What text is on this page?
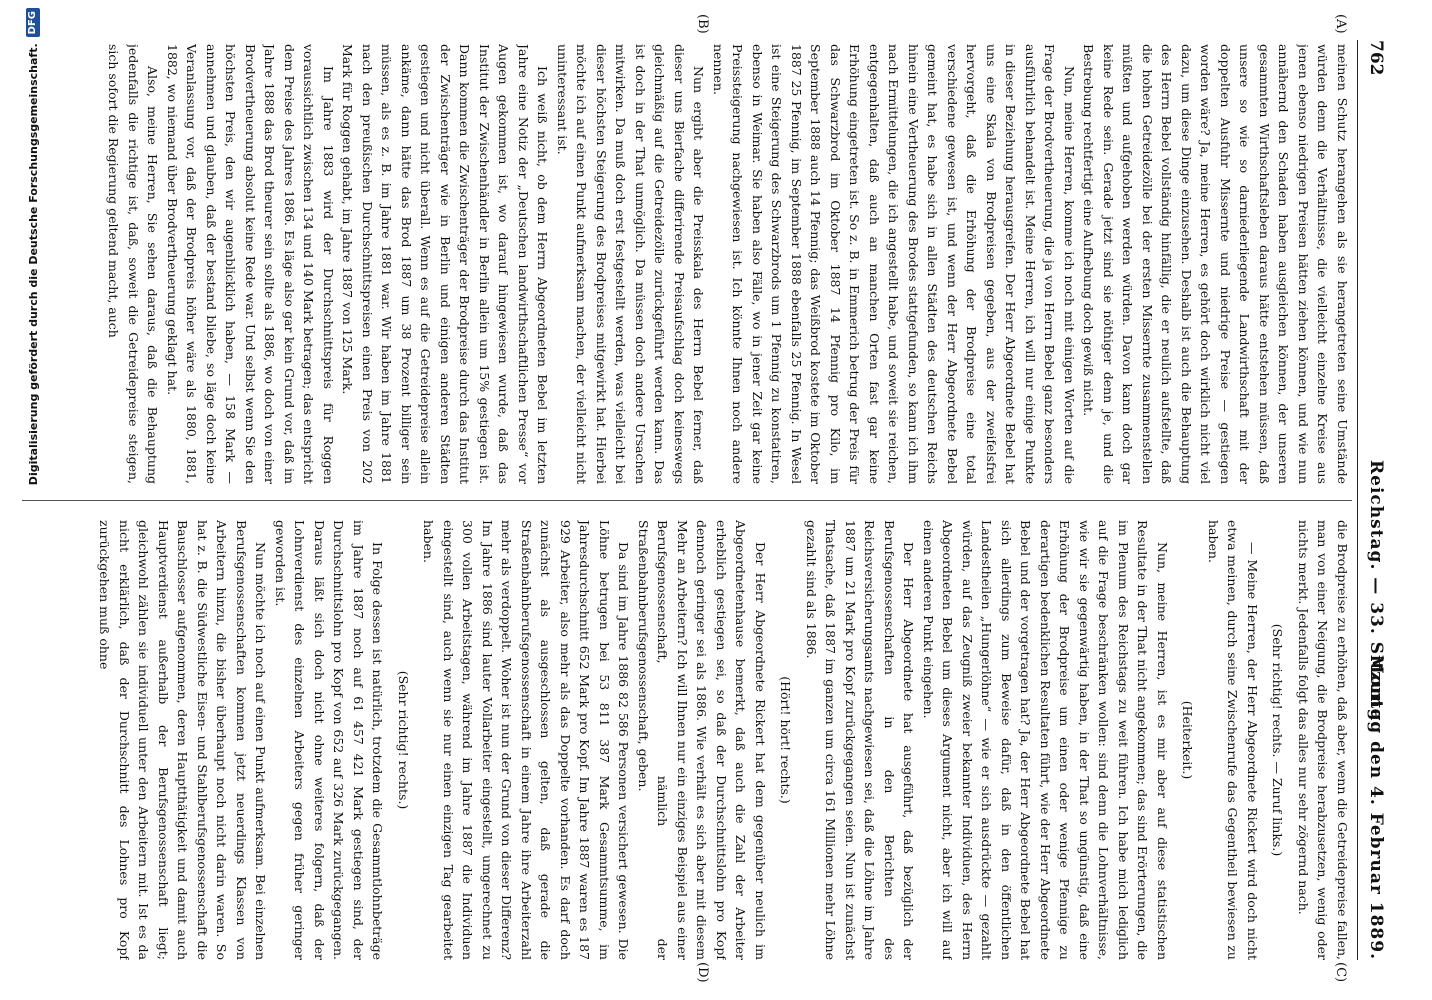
762
Reichstag. — 33. Sitzung.
Montag den 4. Februar 1889.
(A)
(B)
(C)
(D)

meinen Schutz herangehen als sie herangetreten seine Umstände würden denn die Verhältnisse, die vielleicht einzelne Kreise aus jenen ebenso niedrigen Preisen hätten ziehen können, und wie nun annähernd den Schaden haben ausgleichen können, der unseren gesammten Wirthschaftsleben daraus hätte entstehen müssen, daß unsere so wie so darniederliegende Landwirthschaft mit der doppelten Ausfuhr Missernte und niedrige Preise — gestiegen worden wäre? Ja, meine Herren, es gehört doch wirklich nicht viel dazu, um diese Dinge einzusehen. Deshalb ist auch die Behauptung des Herrn Bebel vollständig hinfällig, die er neulich aufstellte, daß die hohen Getreidezölle bei der ersten Missernte zusammenstellen müßten und aufgehoben werden würden. Davon kann doch gar keine Rede sein. Gerade jetzt sind sie nöthiger denn je, und die Bestrebung rechtfertigt eine Aufhebung doch gewiß nicht.

Nun, meine Herren, komme ich noch mit einigen Worten auf die Frage der Brodvertheuerung, die ja von Herrn Bebel ganz besonders ausführlich behandelt ist. Meine Herren, ich will nur einige Punkte in dieser Beziehung herausgreifen. Der Herr Abgeordnete Bebel hat uns eine Skala von Brodpreisen gegeben, aus der zweifelsfrei hervorgeht, daß die Erhöhung der Brodpreise eine total verschiedene gewesen ist, und wenn der Herr Abgeordnete Bebel gemeint hat, es habe sich in allen Städten des deutschen Reichs hinein eine Vertheuerung des Brodes stattgefunden, so kann ich ihm nach Ermittelungen, die ich angestellt habe, und soweit sie reichen, entgegenhalten, daß auch an manchen Orten fast gar keine Erhöhung eingetreten ist. So z. B. in Emmerich betrug der Preis für das Schwarzbrod im Oktober 1887 14 Pfennig pro Kilo, im September 1888 auch 14 Pfennig; das Weißbrod kostete im Oktober 1887 25 Pfennig, im September 1888 ebenfalls 25 Pfennig. In Wesel ist eine Steigerung des Schwarzbrods um 1 Pfennig zu konstatiren, ebenso in Weimar. Sie haben also Fälle, wo in jener Zeit gar keine Preissteigerung nachgewiesen ist. Ich könnte Ihnen noch andere nennen.

Nun ergibt aber die Preisskala des Herrn Bebel ferner, daß dieser uns Bierfache differirende Preisaufschlag doch keineswegs gleichmäßig auf die Getreidezölle zurückgeführt werden kann. Das ist doch in der That unmöglich. Da müssen doch andere Ursachen mitwirken. Da muß doch erst festgestellt werden, was vielleicht bei dieser höchsten Steigerung des Brodpreises mitgewirkt hat. Hierbei möchte ich auf einen Punkt aufmerksam machen, der vielleicht nicht uninteressant ist.

Ich weiß nicht, ob dem Herrn Abgeordneten Bebel im letzten Jahre eine Notiz der „Deutschen landwirthschaftlichen Presse“ vor Augen gekommen ist, wo darauf hingewiesen wurde, daß das Institut der Zwischenhändler in Berlin allein um 15% gestiegen ist. Dann kommen die Zwischenträger der Brodpreise durch das Institut der Zwischenträger wie in Berlin und einigen anderen Städten gestiegen und nicht überall. Wenn es auf die Getreidepreise allein ankäme, dann hätte das Brod 1887 um 38 Prozent billiger sein müssen, als es z. B. im Jahre 1881 war. Wir haben im Jahre 1881 nach den preußischen Durchschnittspreisen einen Preis von 202 Mark für Roggen gehabt, im Jahre 1887 von 125 Mark.

Im Jahre 1883 wird der Durchschnittspreis für Roggen voraussichtlich zwischen 134 und 140 Mark betragen; das entspricht dem Preise des Jahres 1886. Es läge also gar kein Grund vor, daß im Jahre 1888 das Brod theurer sein sollte als 1886, wo doch von einer Brodvertheuerung absolut keine Rede war. Und selbst wenn Sie den höchsten Preis, den wir augenblicklich haben, — 158 Mark — annehmen und glauben, daß der bestand bliebe, so läge doch keine Veranlassung vor, daß der Brodpreis höher wäre als 1880, 1881, 1882, wo niemand über Brodvertheuerung geklagt hat.

Also, meine Herren, Sie sehen daraus, daß die Behauptung jedenfalls die richtige ist, daß, soweit die Getreidepreise steigen, sich sofort die Regierung geltend macht, auch

die Brodpreise zu erhöhen, daß aber, wenn die Getreidepreise fallen, man von einer Neigung, die Brodpreise herabzusetzen, wenig oder nichts merkt. Jedenfalls folgt das alles nur sehr zögernd nach.

(Sehr richtig! rechts. — Zuruf links.)

— Meine Herren, der Herr Abgeordnete Rickert wird doch nicht etwa meinen, durch seine Zwischenrufe das Gegentheil bewiesen zu haben.

(Heiterkeit.)

Nun, meine Herren, ist es mir aber auf diese statistischen Resultate in der That nicht angekommen; das sind Erörterungen, die im Plenum des Reichstags zu weit führen. Ich habe mich lediglich auf die Frage beschränken wollen: sind denn die Lohnverhältnisse, wie wir sie gegenwärtig haben, in der That so ungünstig, daß eine Erhöhung der Brodpreise um einen oder wenige Pfennige zu derartigen bedenklichen Resultaten führt, wie der Herr Abgeordnete Bebel und der vorgetragen hat? Ja, der Herr Abgeordnete Bebel hat sich allerdings zum Beweise dafür, daß in den öffentlichen Landestheilen „Hungerlöhne“ — wie er sich ausdrückte — gezahlt würden, auf das Zeugniß zweier bekannter Individuen, des Herrn Abgeordneten Bebel um dieses Argument nicht, aber ich will auf einen anderen Punkt eingehen.

Der Herr Abgeordnete hat ausgeführt, daß bezüglich der Berufsgenossenschaften in den Berichten des Reichsversicherungsamts nachgewiesen sei, daß die Löhne im Jahre 1887 um 21 Mark pro Kopf zurückgegangen seien. Nun ist zunächst Thatsache, daß 1887 im ganzen um circa 161 Millionen mehr Löhne gezahlt sind als 1886.

(Hört! hört! rechts.)

Der Herr Abgeordnete Rickert hat dem gegenüber neulich im Abgeordnetenhause bemerkt, daß auch die Zahl der Arbeiter erheblich gestiegen sei, so daß der Durchschnittslohn pro Kopf dennoch geringer sei als 1886. Wie verhält es sich aber mit diesem Mehr an Arbeitern? Ich will Ihnen nur ein einziges Beispiel aus einer Berufsgenossenschaft, nämlich der Straßenbahnberufsgenossenschaft, geben.

Da sind im Jahre 1886 82 586 Personen versichert gewesen. Die Löhne betrugen bei 53 811 387 Mark Gesammtsumme, im Jahresdurchschnitt 652 Mark pro Kopf. Im Jahre 1887 waren es 187 929 Arbeiter, also mehr als das Doppelte vorhanden. Es darf doch zunächst als ausgeschlossen gelten, daß gerade die Straßenbahnberufsgenossenschaft in einem Jahre ihre Arbeiterzahl mehr als verdoppelt. Woher ist nun der Grund von dieser Differenz? Im Jahre 1886 sind lauter Vollarbeiter eingestellt, umgerechnet zu 300 vollen Arbeitstagen, während im Jahre 1887 die Individuen eingestellt sind, auch wenn sie nur einen einzigen Tag gearbeitet haben.

(Sehr richtig! rechts.)

In Folge dessen ist natürlich, trotzdem die Gesammtlohnbeträge im Jahre 1887 noch auf 61 457 421 Mark gestiegen sind, der Durchschnittslohn pro Kopf von 652 auf 326 Mark zurückgegangen. Daraus läßt sich doch nicht ohne weiteres folgern, daß der Lohnverdienst des einzelnen Arbeiters gegen früher geringer geworden ist.

Nun möchte ich noch auf einen Punkt aufmerksam. Bei einzelnen Berufsgenossenschaften kommen jetzt neuerdings Klassen von Arbeitern hinzu, die bisher überhaupt noch nicht darin waren. So hat z. B. die Südwestliche Eisen- und Stahlberufsgenossenschaft die Bauschlosser aufgenommen, deren Hauptthätigkeit und damit auch Hauptverdienst außerhalb der Berufsgenossenschaft liegt; gleichwohl zählen sie individuell unter den Arbeitern mit. Ist es da nicht erklärlich, daß der Durchschnitt des Lohnes pro Kopf zurückgehen muß ohne

Digitalisierung gefördert durch die Deutsche Forschungsgemeinschaft.
DFG
